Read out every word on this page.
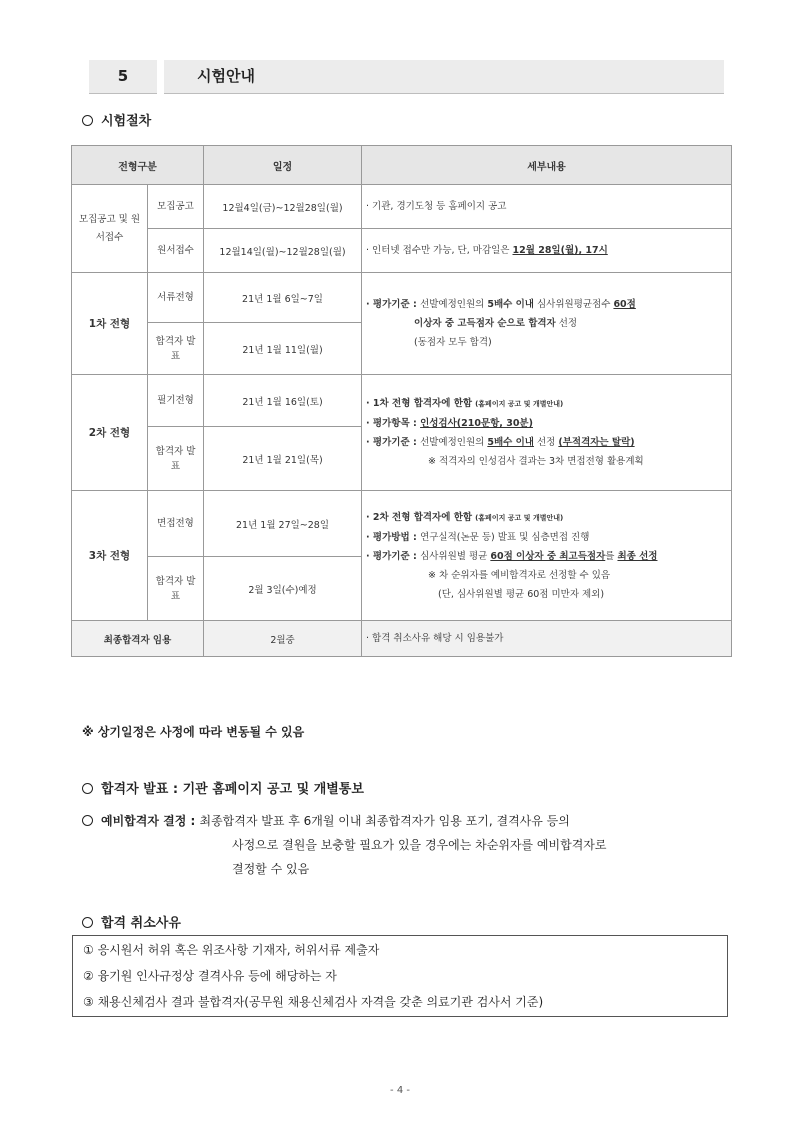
5	시험안내
시험절차
전형구분		일정	세부내용
모집공고 및 원서접수	모집공고	12월4일(금)~12월28일(월)	· 기관, 경기도청 등 홈페이지 공고
	원서접수	12월14일(월)~12월28일(월)	· 인터넷 접수만 가능, 단, 마감일은 12월 28일(월), 17시
1차 전형	서류전형	21년 1월 6일~7일	· 평가기준 : 선발예정인원의 5배수 이내 심사위원평균점수 60점
이상자 중 고득점자 순으로 합격자 선정
(동점자 모두 합격)

	합격자 발표	21년 1월 11일(월)	
2차 전형	필기전형	21년 1월 16일(토)	· 1차 전형 합격자에 한함 (홈페이지 공고 및 개별안내)
· 평가항목 : 인성검사(210문항, 30분)
· 평가기준 : 선발예정인원의 5배수 이내 선정 (부적격자는 탈락)
※ 적격자의 인성검사 결과는 3차 면접전형 활용계획

	합격자 발표	21년 1월 21일(목)	
3차 전형	면접전형	21년 1월 27일~28일	· 2차 전형 합격자에 한함 (홈페이지 공고 및 개별안내)
· 평가방법 : 연구실적(논문 등) 발표 및 심층면접 진행
· 평가기준 : 심사위원별 평균 60점 이상자 중 최고득점자를 최종 선정
※ 차 순위자를 예비합격자로 선정할 수 있음
(단, 심사위원별 평균 60점 미만자 제외)

	합격자 발표	2월 3일(수)예정	
최종합격자 임용		2월중	· 합격 취소사유 해당 시 임용불가
※ 상기일정은 사정에 따라 변동될 수 있음
합격자 발표 : 기관 홈페이지 공고 및 개별통보
예비합격자 결정 : 최종합격자 발표 후 6개월 이내 최종합격자가 임용 포기, 결격사유 등의
사정으로 결원을 보충할 필요가 있을 경우에는 차순위자를 예비합격자로
결정할 수 있음
합격 취소사유
① 응시원서 허위 혹은 위조사항 기재자, 허위서류 제출자
② 융기원 인사규정상 결격사유 등에 해당하는 자
③ 채용신체검사 결과 불합격자(공무원 채용신체검사 자격을 갖춘 의료기관 검사서 기준)
- 4 -
